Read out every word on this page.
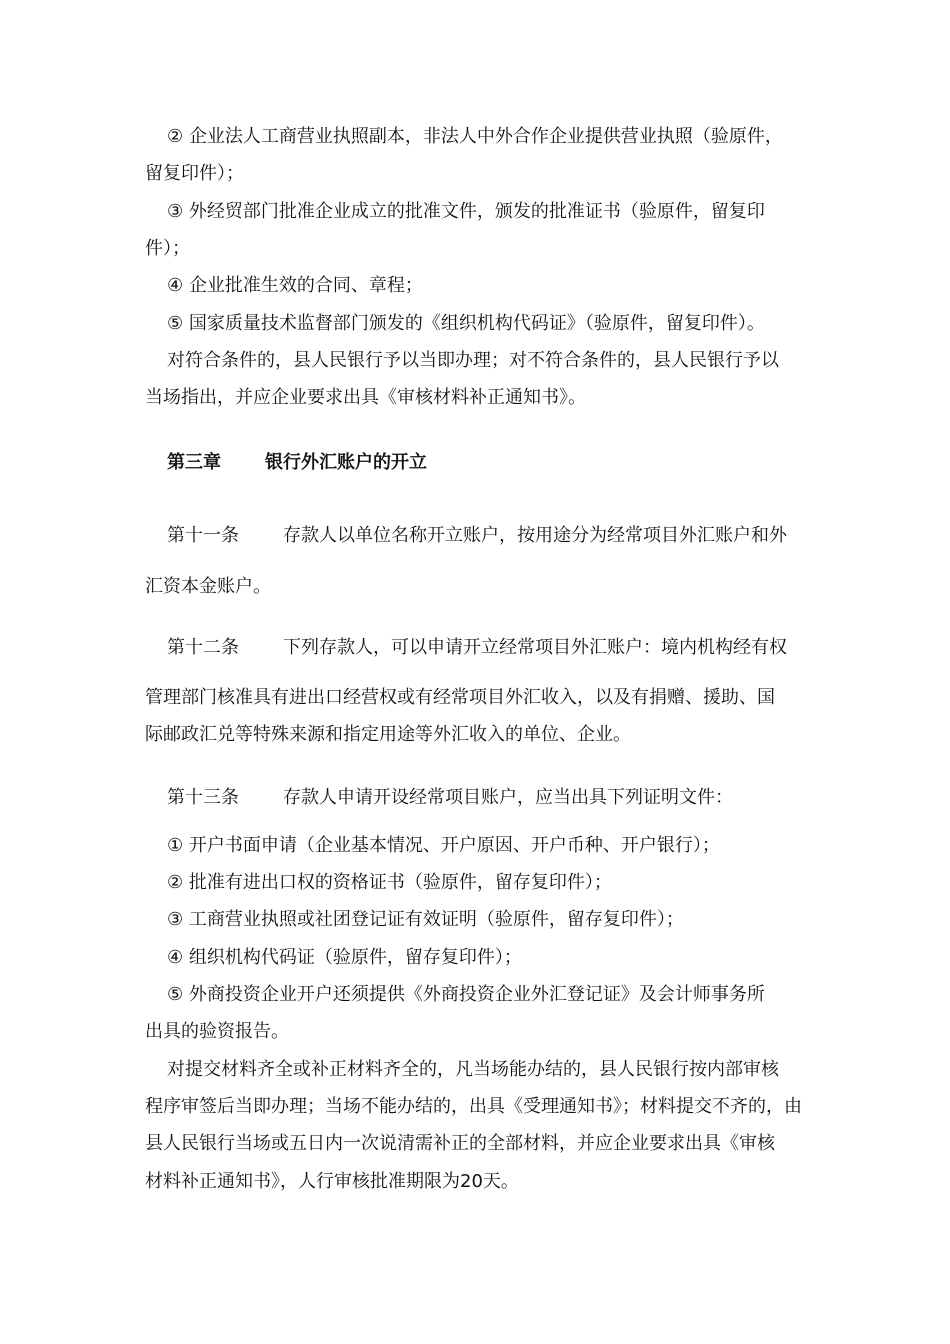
② 企业法人工商营业执照副本，非法人中外合作企业提供营业执照（验原件，
留复印件）；
③ 外经贸部门批准企业成立的批准文件，颁发的批准证书（验原件，留复印
件）；
④ 企业批准生效的合同、章程；
⑤ 国家质量技术监督部门颁发的《组织机构代码证》（验原件，留复印件）。
对符合条件的，县人民银行予以当即办理；对不符合条件的，县人民银行予以
当场指出，并应企业要求出具《审核材料补正通知书》。
第三章 银行外汇账户的开立
第十一条 存款人以单位名称开立账户，按用途分为经常项目外汇账户和外
汇资本金账户。
第十二条 下列存款人，可以申请开立经常项目外汇账户：境内机构经有权
管理部门核准具有进出口经营权或有经常项目外汇收入，以及有捐赠、援助、国
际邮政汇兑等特殊来源和指定用途等外汇收入的单位、企业。
第十三条 存款人申请开设经常项目账户，应当出具下列证明文件：
① 开户书面申请（企业基本情况、开户原因、开户币种、开户银行）；
② 批准有进出口权的资格证书（验原件，留存复印件）；
③ 工商营业执照或社团登记证有效证明（验原件，留存复印件）；
④ 组织机构代码证（验原件，留存复印件）；
⑤ 外商投资企业开户还须提供《外商投资企业外汇登记证》及会计师事务所
出具的验资报告。
对提交材料齐全或补正材料齐全的，凡当场能办结的，县人民银行按内部审核
程序审签后当即办理；当场不能办结的，出具《受理通知书》；材料提交不齐的，由
县人民银行当场或五日内一次说清需补正的全部材料，并应企业要求出具《审核
材料补正通知书》，人行审核批准期限为20天。
